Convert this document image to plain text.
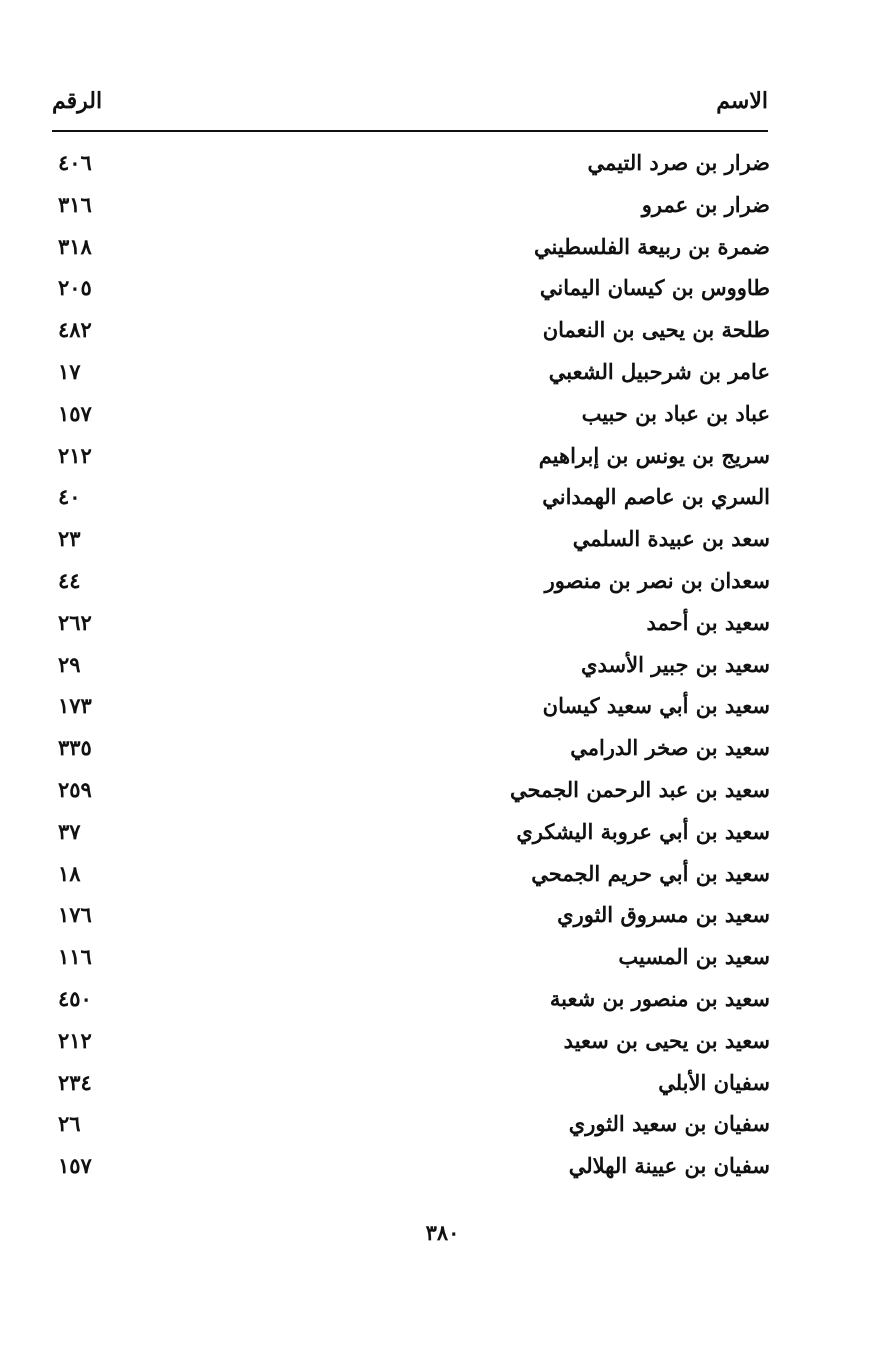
الاسم
الرقم
ضرار بن صرد التيمي
٤٠٦
ضرار بن عمرو
٣١٦
ضمرة بن ربيعة الفلسطيني
٣١٨
طاووس بن كيسان اليماني
٢٠٥
طلحة بن يحيى بن النعمان
٤٨٢
عامر بن شرحبيل الشعبي
١٧
عباد بن عباد بن حبيب
١٥٧
سريج بن يونس بن إبراهيم
٢١٢
السري بن عاصم الهمداني
٤٠
سعد بن عبيدة السلمي
٢٣
سعدان بن نصر بن منصور
٤٤
سعيد بن أحمد
٢٦٢
سعيد بن جبير الأسدي
٢٩
سعيد بن أبي سعيد كيسان
١٧٣
سعيد بن صخر الدرامي
٣٣٥
سعيد بن عبد الرحمن الجمحي
٢٥٩
سعيد بن أبي عروبة اليشكري
٣٧
سعيد بن أبي حريم الجمحي
١٨
سعيد بن مسروق الثوري
١٧٦
سعيد بن المسيب
١١٦
سعيد بن منصور بن شعبة
٤٥٠
سعيد بن يحيى بن سعيد
٢١٢
سفيان الأبلي
٢٣٤
سفيان بن سعيد الثوري
٢٦
سفيان بن عيينة الهلالي
١٥٧
٣٨٠
